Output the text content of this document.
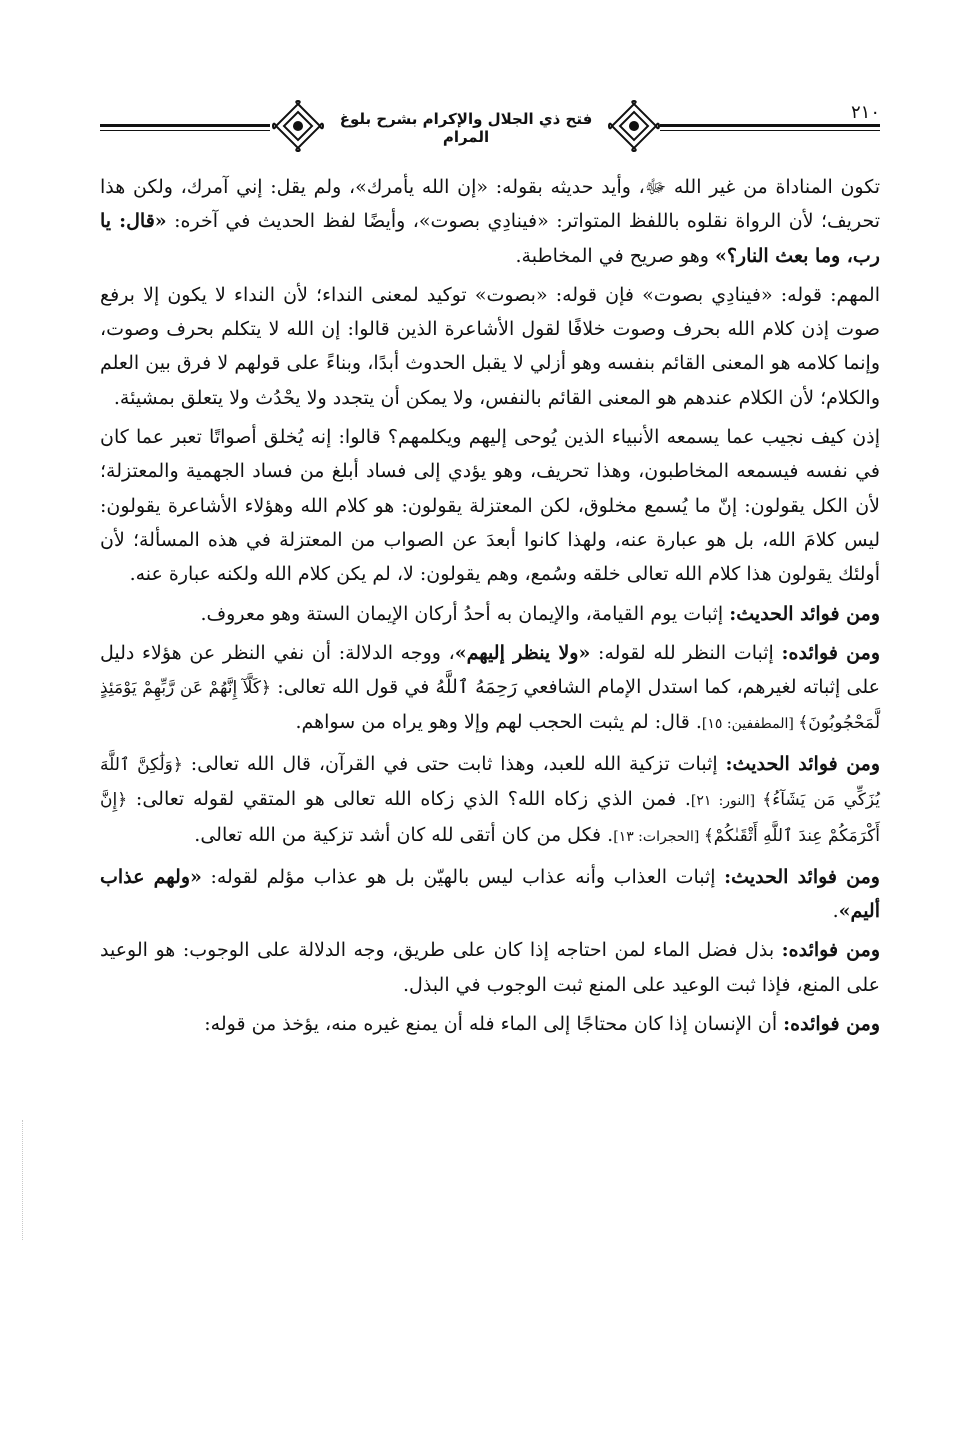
فتح ذي الجلال والإكرام بشرح بلوغ المرام
٢١٠

تكون المناداة من غير الله ﷻ، وأيد حديثه بقوله: «إن الله يأمرك»، ولم يقل: إني آمرك، ولكن هذا تحريف؛ لأن الرواة نقلوه باللفظ المتواتر: «فينادِي بصوت»، وأيضًا لفظ الحديث في آخره: «قال: يا رب، وما بعث النار؟» وهو صريح في المخاطبة.

المهم: قوله: «فينادِي بصوت» فإن قوله: «بصوت» توكيد لمعنى النداء؛ لأن النداء لا يكون إلا برفع صوت إذن كلام الله بحرف وصوت خلافًا لقول الأشاعرة الذين قالوا: إن الله لا يتكلم بحرف وصوت، وإنما كلامه هو المعنى القائم بنفسه وهو أزلي لا يقبل الحدوث أبدًا، وبناءً على قولهم لا فرق بين العلم والكلام؛ لأن الكلام عندهم هو المعنى القائم بالنفس، ولا يمكن أن يتجدد ولا يحْدُث ولا يتعلق بمشيئة.

إذن كيف نجيب عما يسمعه الأنبياء الذين يُوحى إليهم ويكلمهم؟ قالوا: إنه يُخلق أصواتًا تعبر عما كان في نفسه فيسمعه المخاطبون، وهذا تحريف، وهو يؤدي إلى فساد أبلغ من فساد الجهمية والمعتزلة؛ لأن الكل يقولون: إنّ ما يُسمع مخلوق، لكن المعتزلة يقولون: هو كلام الله وهؤلاء الأشاعرة يقولون: ليس كلامَ الله، بل هو عبارة عنه، ولهذا كانوا أبعدَ عن الصواب من المعتزلة في هذه المسألة؛ لأن أولئك يقولون هذا كلام الله تعالى خلقه وسُمع، وهم يقولون: لا، لم يكن كلام الله ولكنه عبارة عنه.

ومن فوائد الحديث: إثبات يوم القيامة، والإيمان به أحدُ أركان الإيمان الستة وهو معروف.

ومن فوائده: إثبات النظر لله لقوله: «ولا ينظر إليهم»، ووجه الدلالة: أن نفي النظر عن هؤلاء دليل على إثباته لغيرهم، كما استدل الإمام الشافعي رَحِمَهُ ٱللَّهُ في قول الله تعالى: ﴿كَلَّآ إِنَّهُمْ عَن رَّبِّهِمْ يَوْمَئِذٍ لَّمَحْجُوبُونَ﴾ [المطففين: ١٥]. قال: لم يثبت الحجب لهم وإلا وهو يراه من سواهم.

ومن فوائد الحديث: إثبات تزكية الله للعبد، وهذا ثابت حتى في القرآن، قال الله تعالى: ﴿وَلَٰكِنَّ ٱللَّهَ يُزَكِّي مَن يَشَآءُ﴾ [النور: ٢١]. فمن الذي زكاه الله؟ الذي زكاه الله تعالى هو المتقي لقوله تعالى: ﴿إِنَّ أَكْرَمَكُمْ عِندَ ٱللَّهِ أَتْقَىٰكُمْ﴾ [الحجرات: ١٣]. فكل من كان أتقى لله كان أشد تزكية من الله تعالى.

ومن فوائد الحديث: إثبات العذاب وأنه عذاب ليس بالهيّن بل هو عذاب مؤلم لقوله: «ولهم عذاب أليم».

ومن فوائده: بذل فضل الماء لمن احتاجه إذا كان على طريق، وجه الدلالة على الوجوب: هو الوعيد على المنع، فإذا ثبت الوعيد على المنع ثبت الوجوب في البذل.

ومن فوائده: أن الإنسان إذا كان محتاجًا إلى الماء فله أن يمنع غيره منه، يؤخذ من قوله:
